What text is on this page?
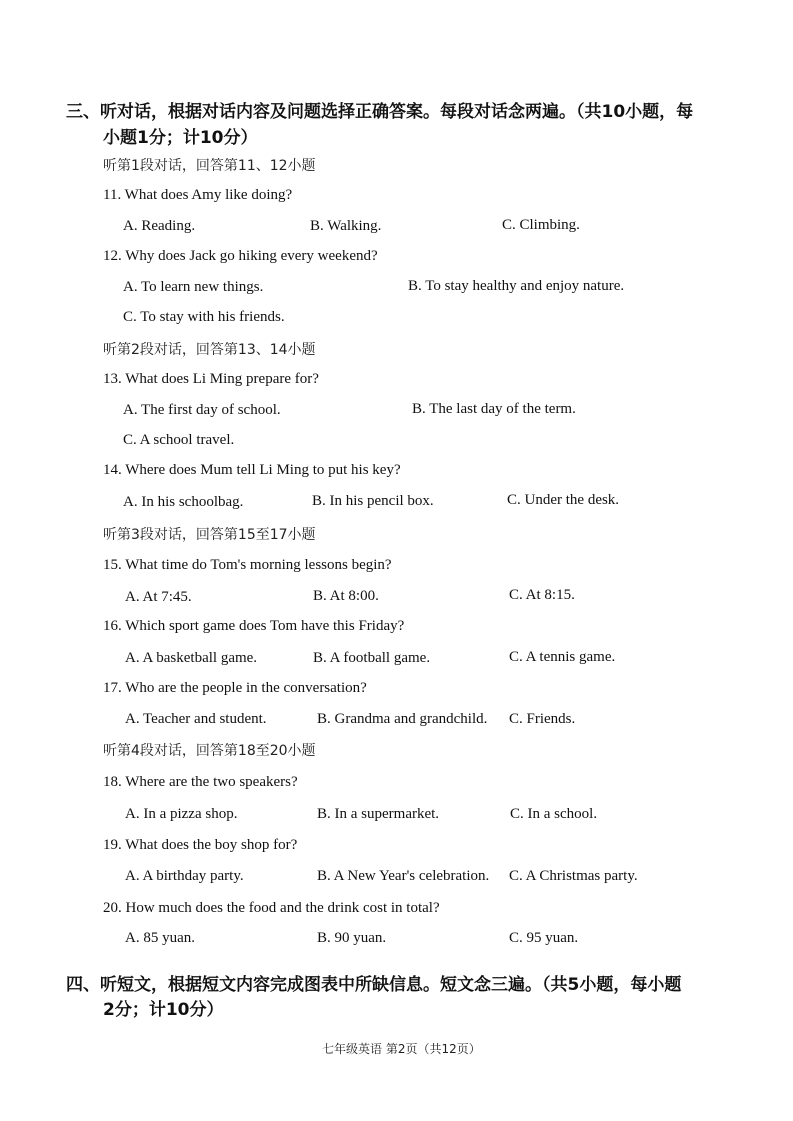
三、听对话，根据对话内容及问题选择正确答案。每段对话念两遍。（共10小题，每
小题1分；计10分）
听第1段对话，回答第11、12小题
11. What does Amy like doing?
A. Reading.	B. Walking.	C. Climbing.
12. Why does Jack go hiking every weekend?
A. To learn new things.	B. To stay healthy and enjoy nature.
C. To stay with his friends.
听第2段对话，回答第13、14小题
13. What does Li Ming prepare for?
A. The first day of school.	B. The last day of the term.
C. A school travel.
14. Where does Mum tell Li Ming to put his key?
A. In his schoolbag.	B. In his pencil box.	C. Under the desk.
听第3段对话，回答第15至17小题
15. What time do Tom's morning lessons begin?
A. At 7:45.	B. At 8:00.	C. At 8:15.
16. Which sport game does Tom have this Friday?
A. A basketball game.	B. A football game.	C. A tennis game.
17. Who are the people in the conversation?
A. Teacher and student.	B. Grandma and grandchild. C. Friends.
听第4段对话，回答第18至20小题
18. Where are the two speakers?
A. In a pizza shop.	B. In a supermarket.	C. In a school.
19. What does the boy shop for?
A. A birthday party.	B. A New Year's celebration. C. A Christmas party.
20. How much does the food and the drink cost in total?
A. 85 yuan.	B. 90 yuan.	C. 95 yuan.
四、听短文，根据短文内容完成图表中所缺信息。短文念三遍。（共5小题，每小题
2分；计10分）
七年级英语 第2页（共12页）
